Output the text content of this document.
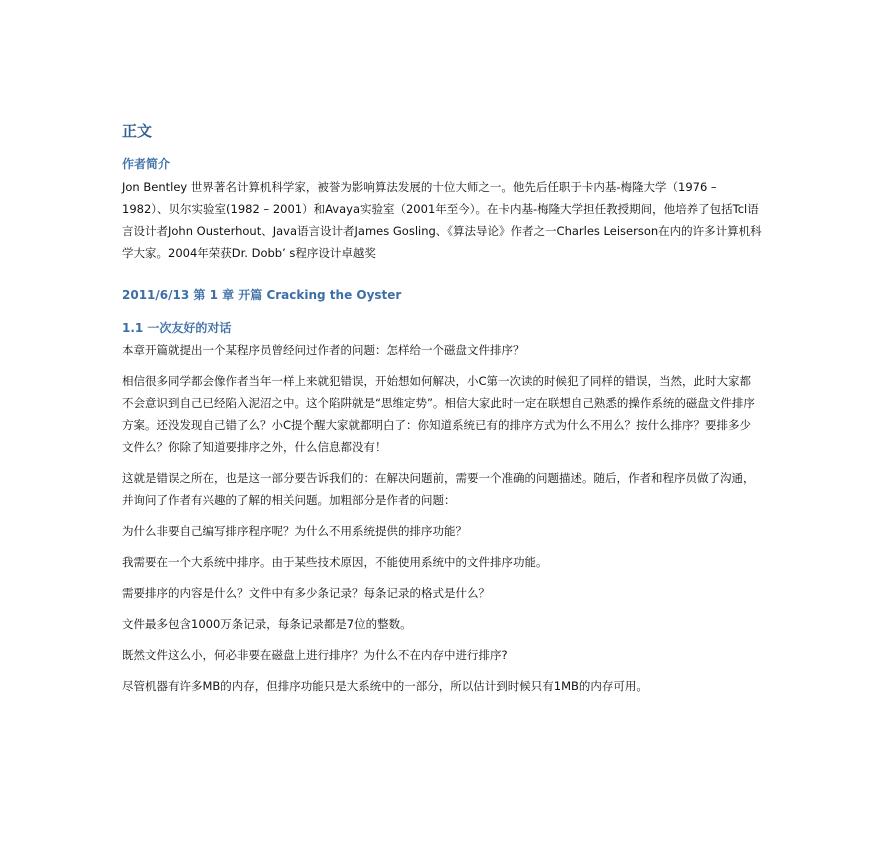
正文
作者简介

Jon Bentley 世界著名计算机科学家，被誉为影响算法发展的十位大师之一。他先后任职于卡内基-梅隆大学（1976 – 1982）、贝尔实验室(1982 – 2001）和Avaya实验室（2001年至今）。在卡内基-梅隆大学担任教授期间，他培养了包括Tcl语言设计者John Ousterhout、Java语言设计者James Gosling、《算法导论》作者之一Charles Leiserson在内的许多计算机科学大家。2004年荣获Dr. Dobb’ s程序设计卓越奖

2011/6/13 第 1 章 开篇 Cracking the Oyster
1.1 一次友好的对话

本章开篇就提出一个某程序员曾经问过作者的问题：怎样给一个磁盘文件排序？

相信很多同学都会像作者当年一样上来就犯错误，开始想如何解决，小C第一次读的时候犯了同样的错误，当然，此时大家都不会意识到自己已经陷入泥沼之中。这个陷阱就是“思维定势”。相信大家此时一定在联想自己熟悉的操作系统的磁盘文件排序方案。还没发现自己错了么？小C提个醒大家就都明白了：你知道系统已有的排序方式为什么不用么？按什么排序？要排多少文件么？你除了知道要排序之外，什么信息都没有！

这就是错误之所在，也是这一部分要告诉我们的：在解决问题前，需要一个准确的问题描述。随后，作者和程序员做了沟通，并询问了作者有兴趣的了解的相关问题。加粗部分是作者的问题：

为什么非要自己编写排序程序呢？为什么不用系统提供的排序功能？

我需要在一个大系统中排序。由于某些技术原因，不能使用系统中的文件排序功能。

需要排序的内容是什么？文件中有多少条记录？每条记录的格式是什么？

文件最多包含1000万条记录，每条记录都是7位的整数。

既然文件这么小，何必非要在磁盘上进行排序？为什么不在内存中进行排序?

尽管机器有许多MB的内存，但排序功能只是大系统中的一部分，所以估计到时候只有1MB的内存可用。
